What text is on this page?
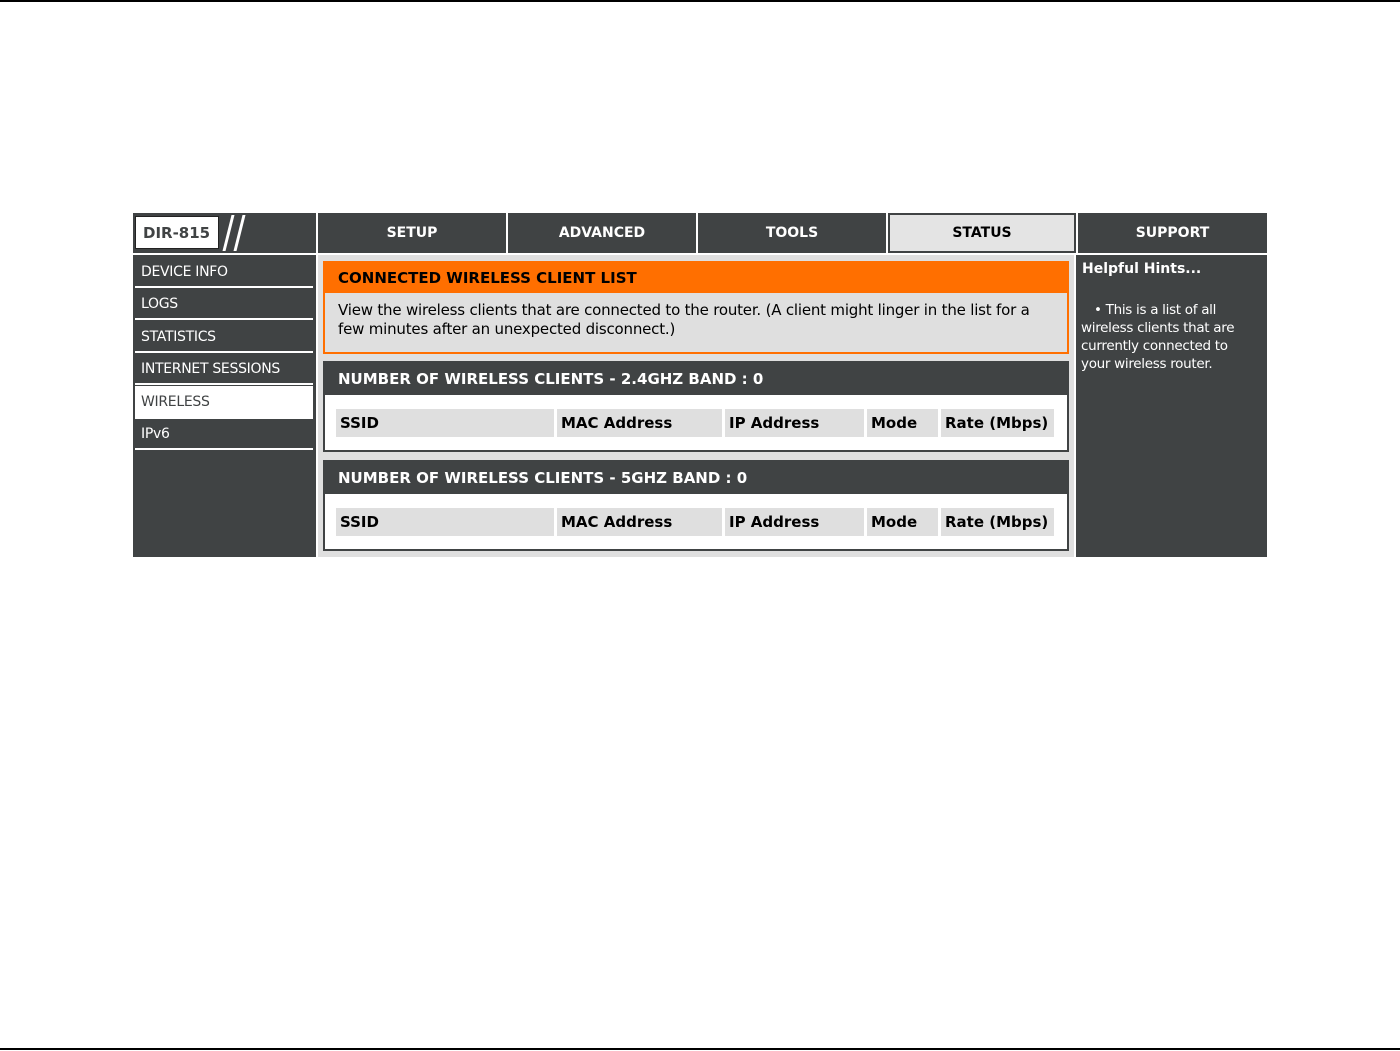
DIR-815	SETUP	ADVANCED	TOOLS	STATUS	SUPPORT
DEVICE INFO
LOGS
STATISTICS
INTERNET SESSIONS
WIRELESS
IPv6
CONNECTED WIRELESS CLIENT LIST

View the wireless clients that are connected to the router. (A client might linger in the list for a
few minutes after an unexpected disconnect.)

NUMBER OF WIRELESS CLIENTS - 2.4GHZ BAND : 0
SSID	MAC Address	IP Address	Mode	Rate (Mbps)
NUMBER OF WIRELESS CLIENTS - 5GHZ BAND : 0
SSID	MAC Address	IP Address	Mode	Rate (Mbps)
Helpful Hints...
• This is a list of all
wireless clients that are
currently connected to
your wireless router.
